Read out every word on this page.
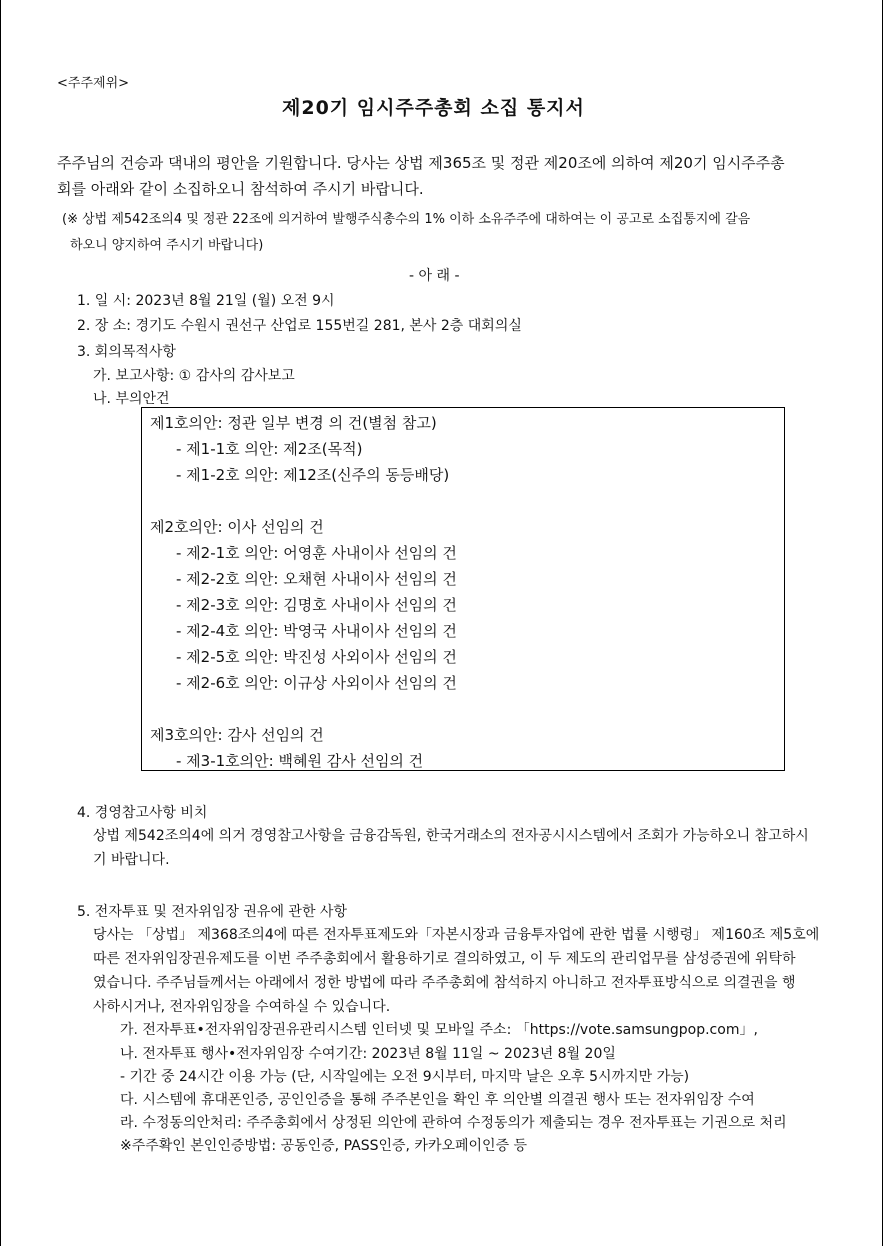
<주주제위>
제20기 임시주주총회 소집 통지서
주주님의 건승과 댁내의 평안을 기원합니다. 당사는 상법 제365조 및 정관 제20조에 의하여 제20기 임시주주총
회를 아래와 같이 소집하오니 참석하여 주시기 바랍니다.
(※ 상법 제542조의4 및 정관 22조에 의거하여 발행주식총수의 1% 이하 소유주주에 대하여는 이 공고로 소집통지에 갈음
하오니 양지하여 주시기 바랍니다)
- 아 래 -
1. 일 시: 2023년 8월 21일 (월) 오전 9시
2. 장 소: 경기도 수원시 권선구 산업로 155번길 281, 본사 2층 대회의실
3. 회의목적사항
가. 보고사항: ① 감사의 감사보고
나. 부의안건
제1호의안: 정관 일부 변경 의 건(별첨 참고)
- 제1-1호 의안: 제2조(목적)
- 제1-2호 의안: 제12조(신주의 동등배당)
제2호의안: 이사 선임의 건
- 제2-1호 의안: 어영훈 사내이사 선임의 건
- 제2-2호 의안: 오채현 사내이사 선임의 건
- 제2-3호 의안: 김명호 사내이사 선임의 건
- 제2-4호 의안: 박영국 사내이사 선임의 건
- 제2-5호 의안: 박진성 사외이사 선임의 건
- 제2-6호 의안: 이규상 사외이사 선임의 건
제3호의안: 감사 선임의 건
- 제3-1호의안: 백혜원 감사 선임의 건
4. 경영참고사항 비치
상법 제542조의4에 의거 경영참고사항을 금융감독원, 한국거래소의 전자공시시스템에서 조회가 가능하오니 참고하시
기 바랍니다.
5. 전자투표 및 전자위임장 권유에 관한 사항
당사는 「상법」 제368조의4에 따른 전자투표제도와「자본시장과 금융투자업에 관한 법률 시행령」 제160조 제5호에
따른 전자위임장권유제도를 이번 주주총회에서 활용하기로 결의하였고, 이 두 제도의 관리업무를 삼성증권에 위탁하
였습니다. 주주님들께서는 아래에서 정한 방법에 따라 주주총회에 참석하지 아니하고 전자투표방식으로 의결권을 행
사하시거나, 전자위임장을 수여하실 수 있습니다.
가. 전자투표•전자위임장권유관리시스템 인터넷 및 모바일 주소: 「https://vote.samsungpop.com」,
나. 전자투표 행사•전자위임장 수여기간: 2023년 8월 11일 ~ 2023년 8월 20일
- 기간 중 24시간 이용 가능 (단, 시작일에는 오전 9시부터, 마지막 날은 오후 5시까지만 가능)
다. 시스템에 휴대폰인증, 공인인증을 통해 주주본인을 확인 후 의안별 의결권 행사 또는 전자위임장 수여
라. 수정동의안처리: 주주총회에서 상정된 의안에 관하여 수정동의가 제출되는 경우 전자투표는 기권으로 처리
※주주확인 본인인증방법: 공동인증, PASS인증, 카카오페이인증 등
